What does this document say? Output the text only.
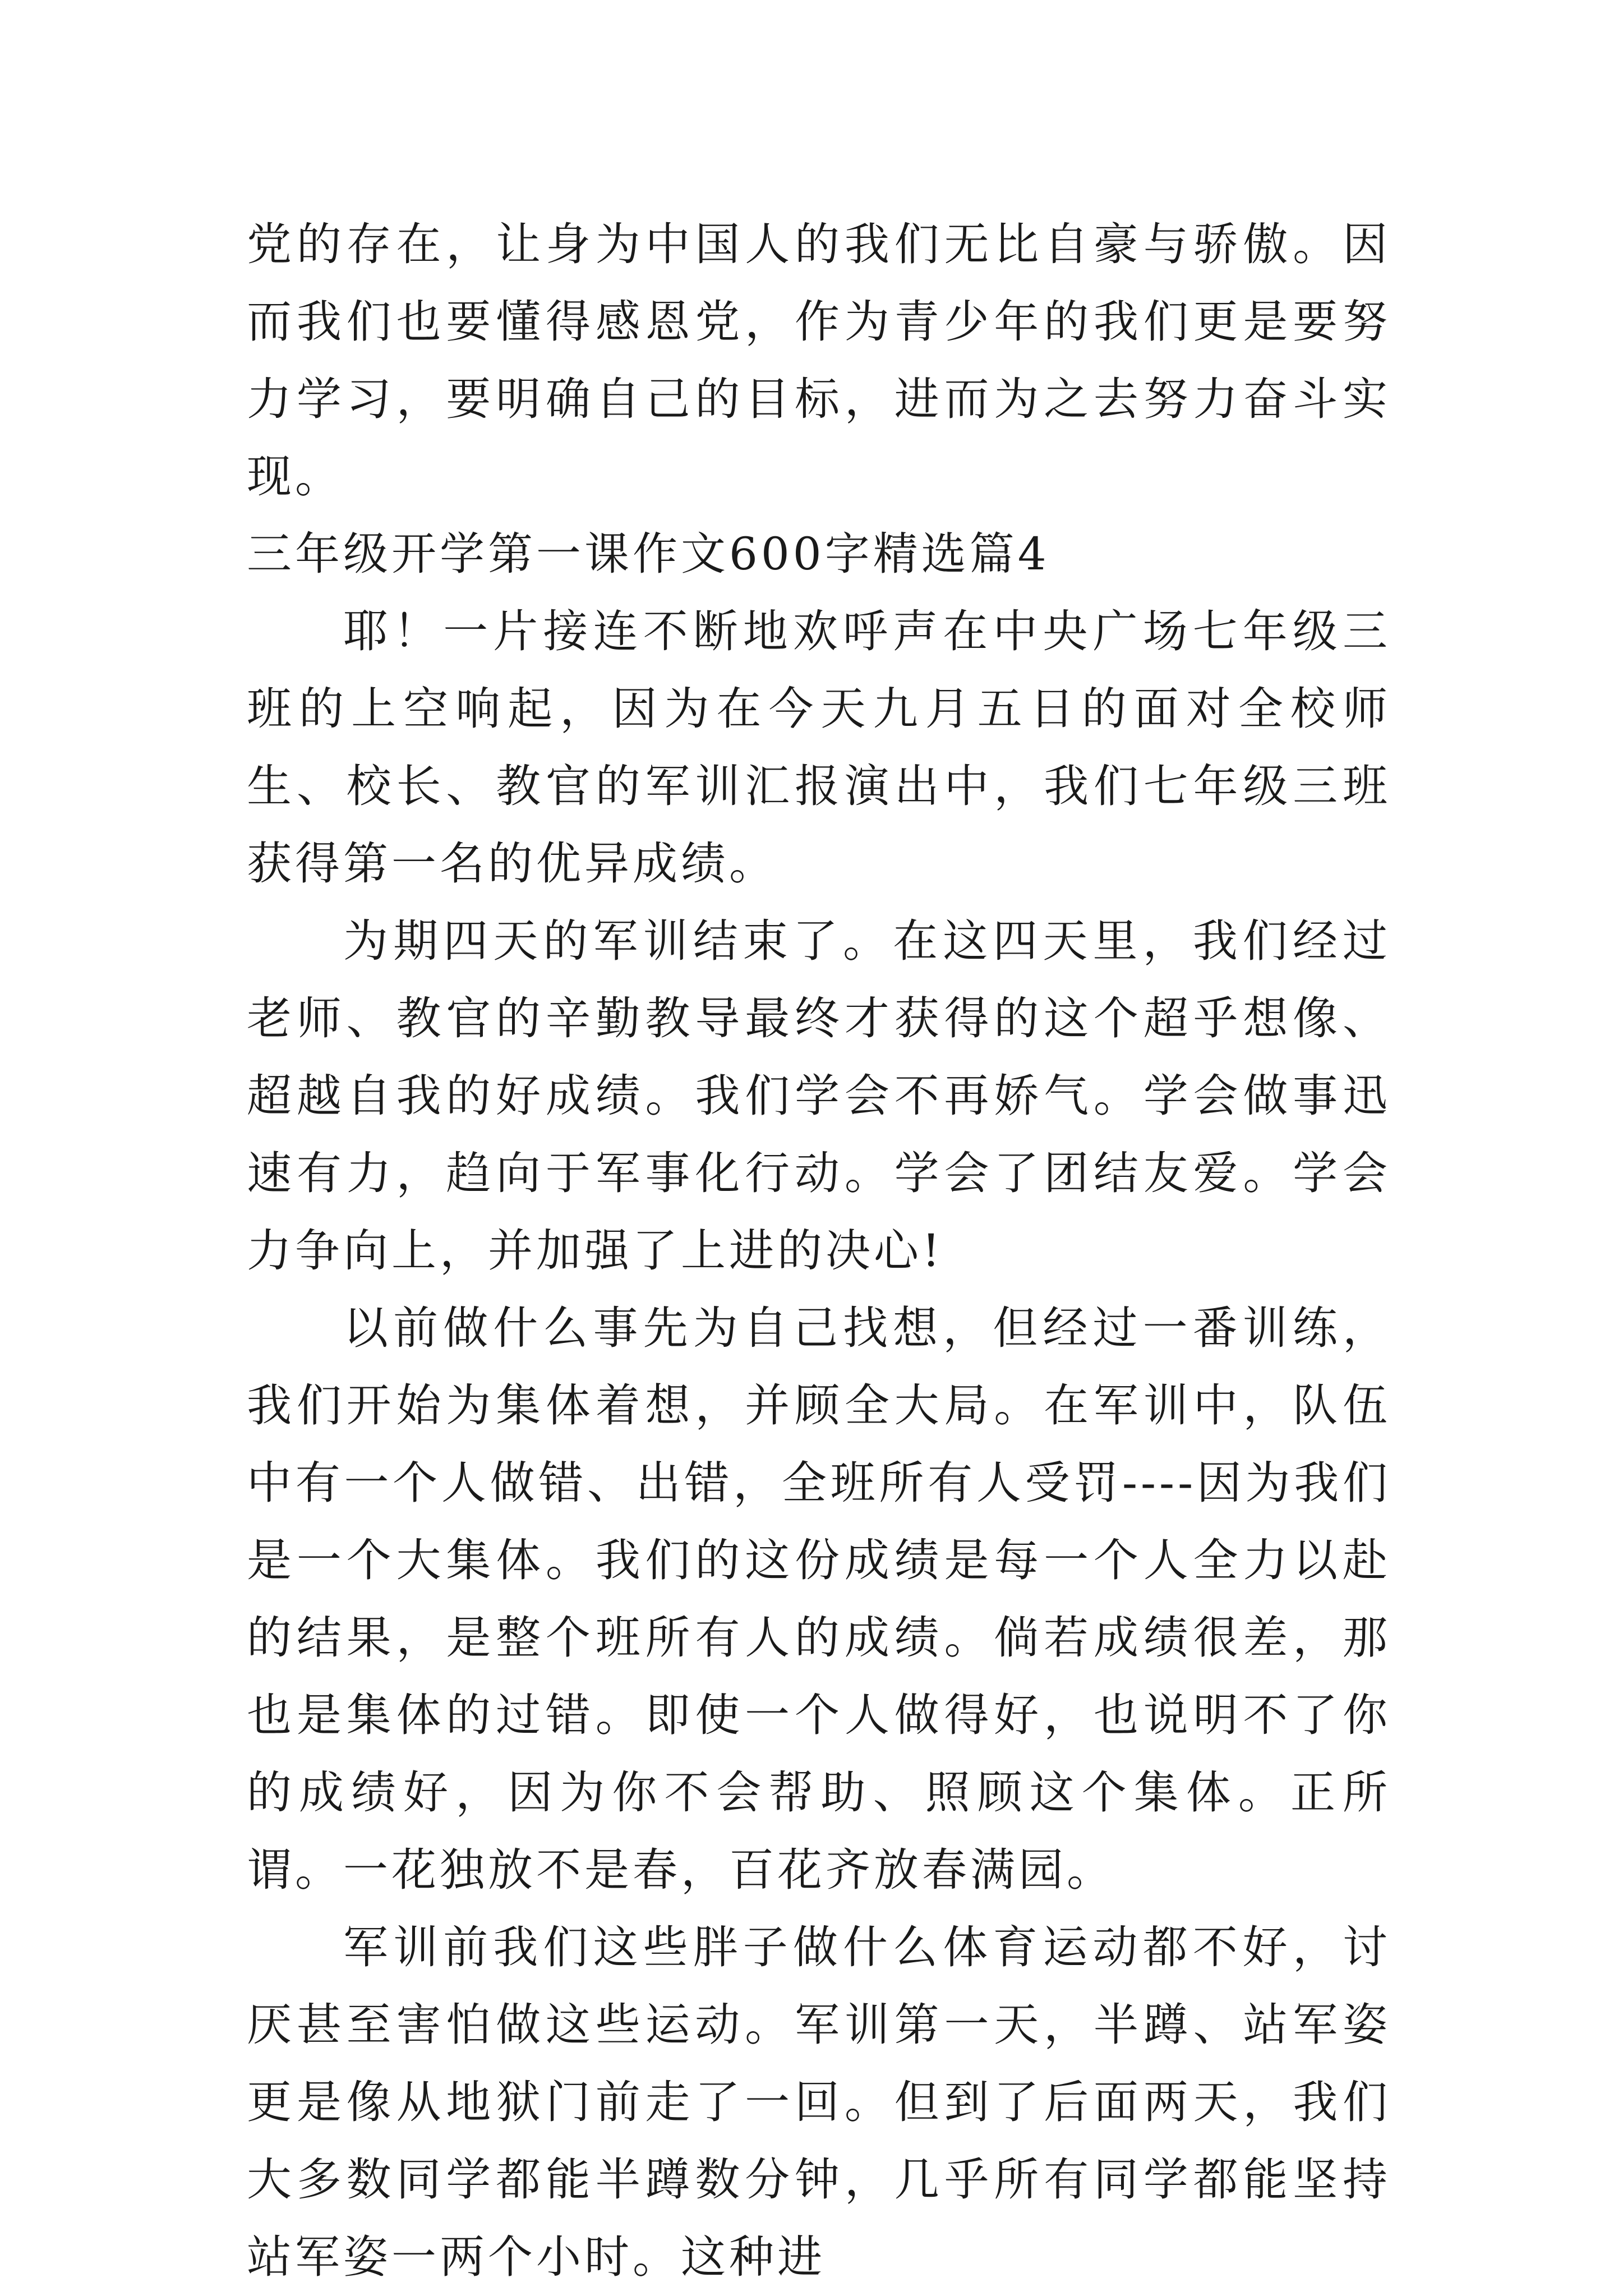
党的存在，让身为中国人的我们无比自豪与骄傲。因而我们也要懂得感恩党，作为青少年的我们更是要努力学习，要明确自己的目标，进而为之去努力奋斗实现。

三年级开学第一课作文600字精选篇4

耶！一片接连不断地欢呼声在中央广场七年级三班的上空响起，因为在今天九月五日的面对全校师生、校长、教官的军训汇报演出中，我们七年级三班获得第一名的优异成绩。

为期四天的军训结束了。在这四天里，我们经过老师、教官的辛勤教导最终才获得的这个超乎想像、超越自我的好成绩。我们学会不再娇气。学会做事迅速有力，趋向于军事化行动。学会了团结友爱。学会力争向上，并加强了上进的决心!

以前做什么事先为自己找想，但经过一番训练，我们开始为集体着想，并顾全大局。在军训中，队伍中有一个人做错、出错，全班所有人受罚----因为我们是一个大集体。我们的这份成绩是每一个人全力以赴的结果，是整个班所有人的成绩。倘若成绩很差，那也是集体的过错。即使一个人做得好，也说明不了你的成绩好，因为你不会帮助、照顾这个集体。正所谓。一花独放不是春，百花齐放春满园。

军训前我们这些胖子做什么体育运动都不好，讨厌甚至害怕做这些运动。军训第一天，半蹲、站军姿更是像从地狱门前走了一回。但到了后面两天，我们大多数同学都能半蹲数分钟，几乎所有同学都能坚持站军姿一两个小时。这种进
